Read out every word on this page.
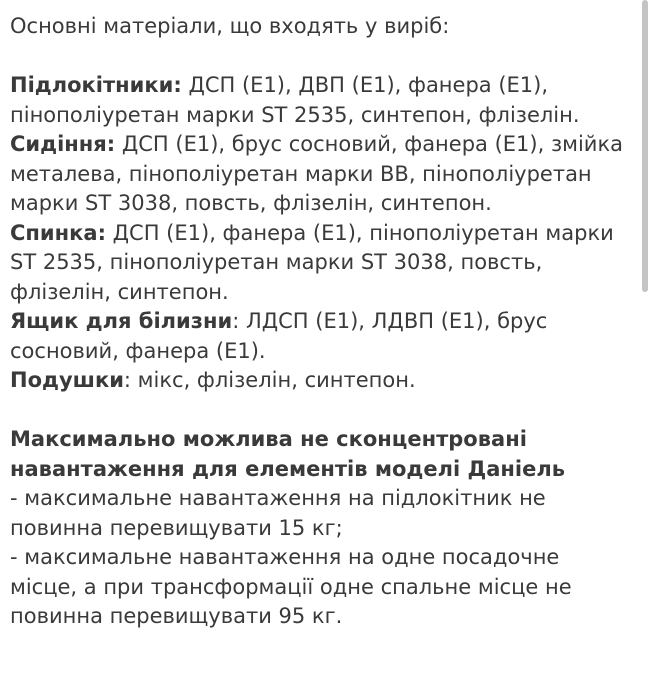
Основні матеріали, що входять у виріб:

Підлокітники: ДСП (Е1), ДВП (Е1), фанера (Е1), пінополіуретан марки ST 2535, синтепон, флізелін.

Сидіння: ДСП (Е1), брус сосновий, фанера (Е1), змійка металева, пінополіуретан марки ВВ, пінополіуретан марки ST 3038, повсть, флізелін, синтепон.

Спинка: ДСП (Е1), фанера (Е1), пінополіуретан марки ST 2535, пінополіуретан марки ST 3038, повсть, флізелін, синтепон.

Ящик для білизни: ЛДСП (Е1), ЛДВП (Е1), брус сосновий, фанера (Е1).

Подушки: мікс, флізелін, синтепон.

Максимально можлива не сконцентровані навантаження для елементів моделі Даніель

- максимальне навантаження на підлокітник не повинна перевищувати 15 кг;

- максимальне навантаження на одне посадочне місце, а при трансформації одне спальне місце не повинна перевищувати 95 кг.
